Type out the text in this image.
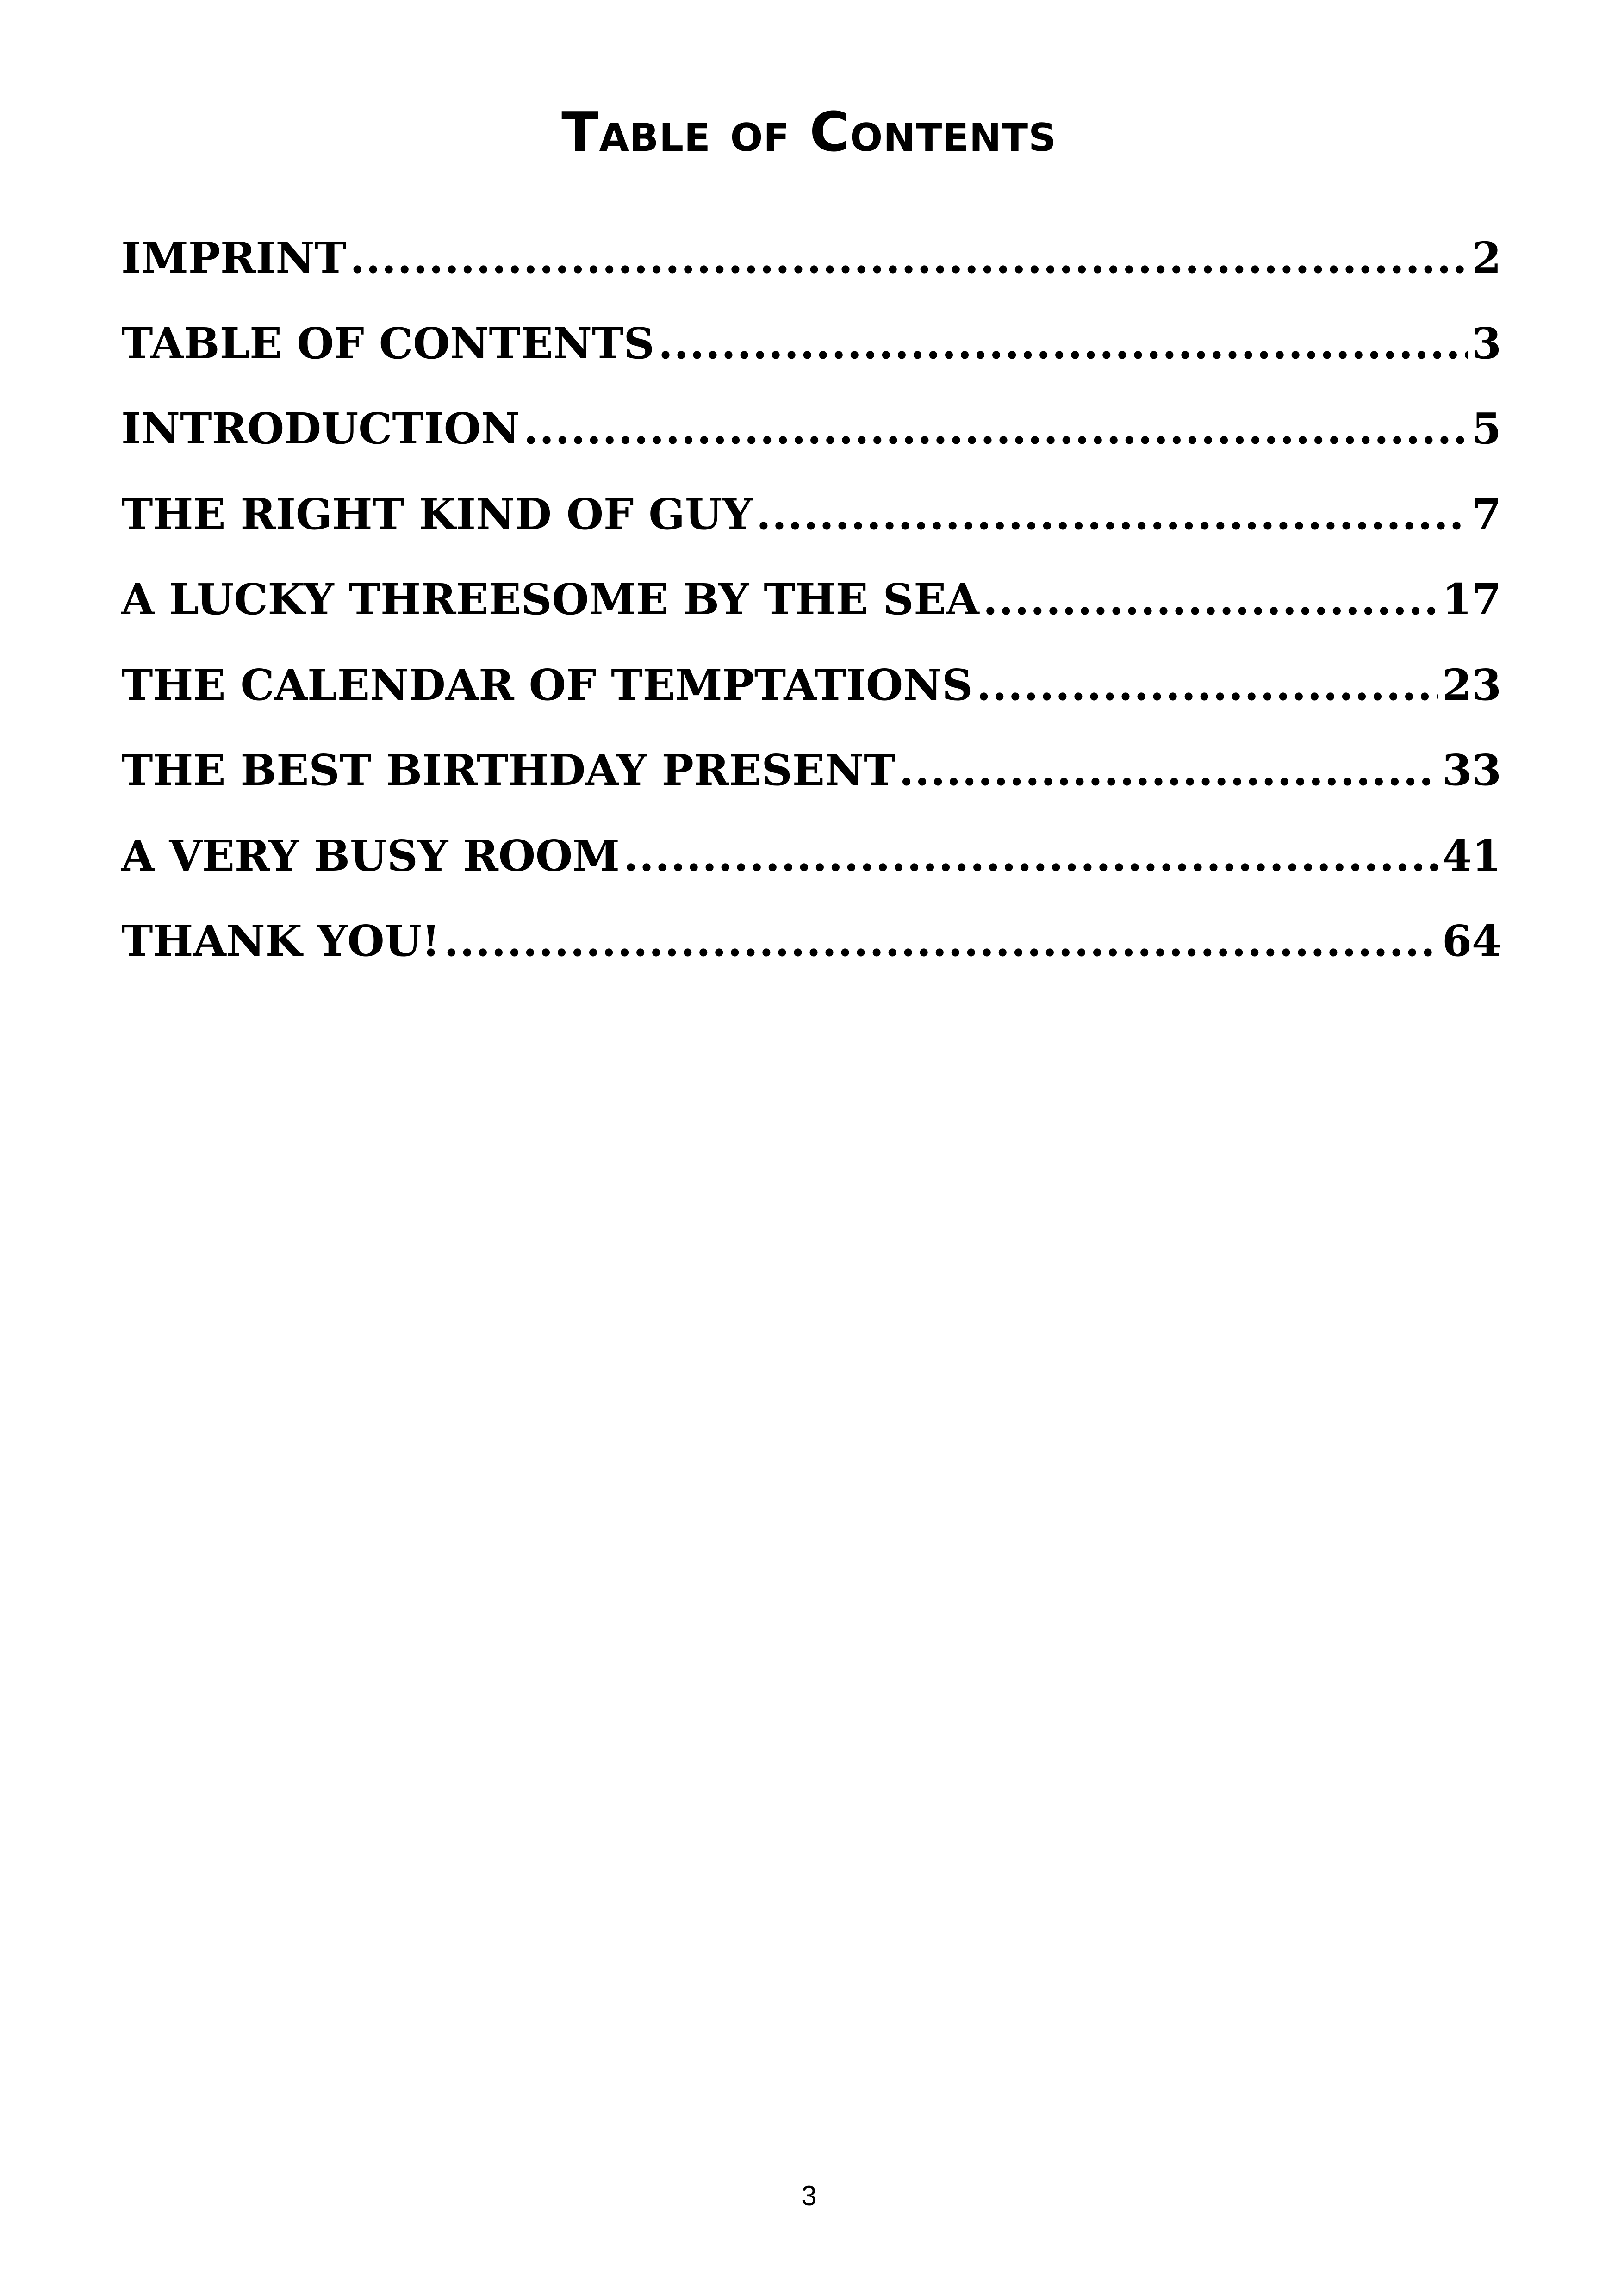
Table of Contents
IMPRINT .....	2
TABLE OF CONTENTS .....	3
INTRODUCTION .....	5
THE RIGHT KIND OF GUY .....	7
A LUCKY THREESOME BY THE SEA .....	17
THE CALENDAR OF TEMPTATIONS .....	23
THE BEST BIRTHDAY PRESENT .....	33
A VERY BUSY ROOM .....	41
THANK YOU! .....	64
3
